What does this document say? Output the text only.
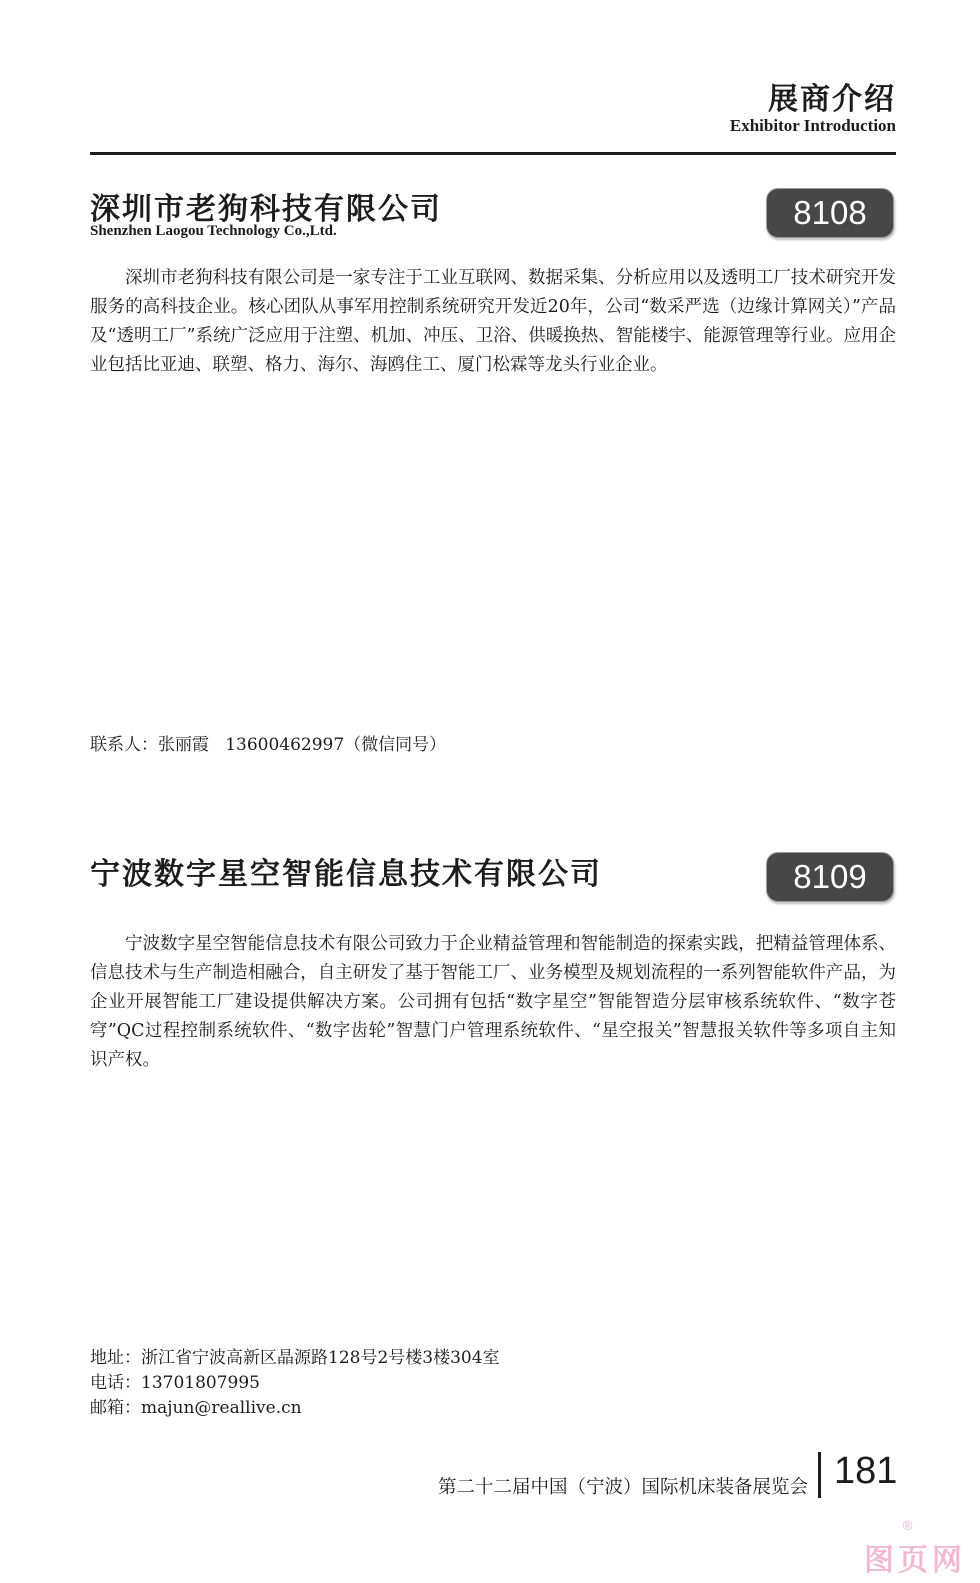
展商介绍
Exhibitor Introduction
深圳市老狗科技有限公司
Shenzhen Laogou Technology Co.,Ltd.	8108

深圳市老狗科技有限公司是一家专注于工业互联网、数据采集、分析应用以及透明工厂技术研究开发服务的高科技企业。核心团队从事军用控制系统研究开发近20年，公司“数采严选（边缘计算网关）”产品及“透明工厂”系统广泛应用于注塑、机加、冲压、卫浴、供暖换热、智能楼宇、能源管理等行业。应用企业包括比亚迪、联塑、格力、海尔、海鸥住工、厦门松霖等龙头行业企业。

联系人：张丽霞   13600462997（微信同号）
宁波数字星空智能信息技术有限公司	8109

宁波数字星空智能信息技术有限公司致力于企业精益管理和智能制造的探索实践，把精益管理体系、信息技术与生产制造相融合，自主研发了基于智能工厂、业务模型及规划流程的一系列智能软件产品，为企业开展智能工厂建设提供解决方案。公司拥有包括“数字星空”智能智造分层审核系统软件、“数字苍穹”QC过程控制系统软件、“数字齿轮”智慧门户管理系统软件、“星空报关”智慧报关软件等多项自主知识产权。

地址：浙江省宁波高新区晶源路128号2号楼3楼304室
电话：13701807995
邮箱：majun@reallive.cn
第二十二届中国（宁波）国际机床装备展览会 181
®
图页网
